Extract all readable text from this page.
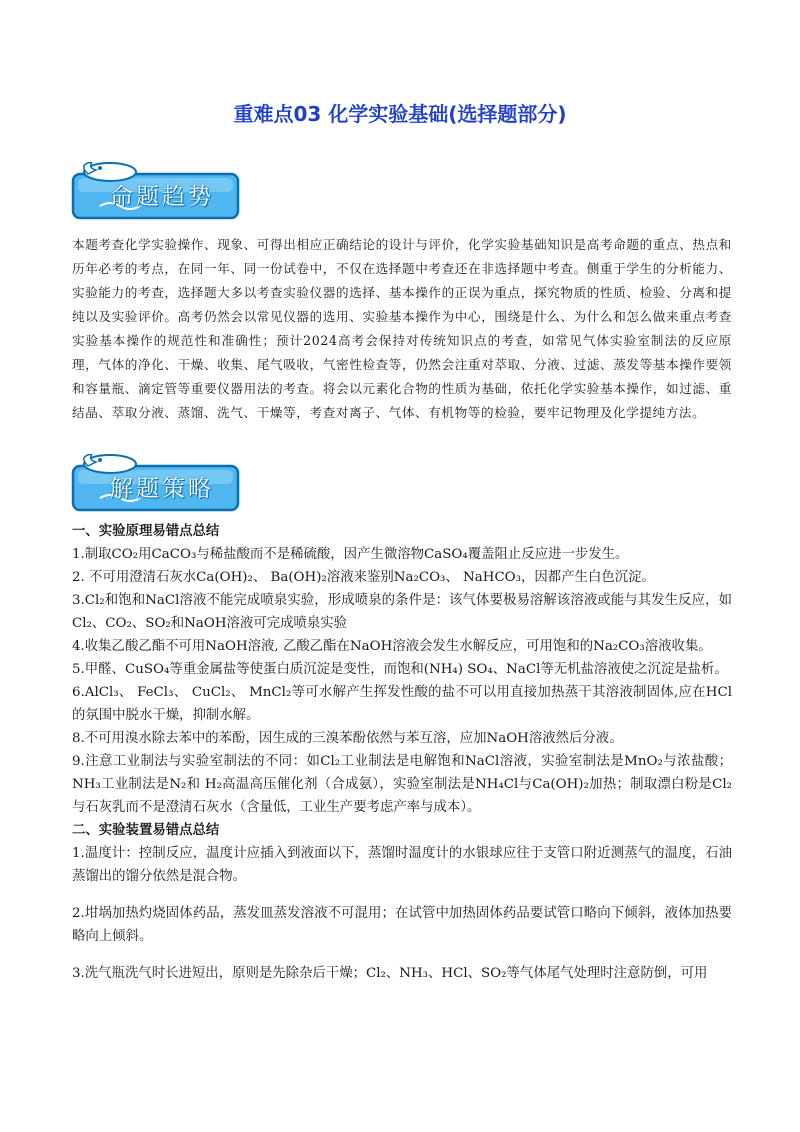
重难点03 化学实验基础(选择题部分)
命题趋势

本题考查化学实验操作、现象、可得出相应正确结论的设计与评价，化学实验基础知识是高考命题的重点、热点和历年必考的考点，在同一年、同一份试卷中，不仅在选择题中考查还在非选择题中考查。侧重于学生的分析能力、实验能力的考查，选择题大多以考查实验仪器的选择、基本操作的正误为重点，探究物质的性质、检验、分离和提纯以及实验评价。高考仍然会以常见仪器的选用、实验基本操作为中心，围绕是什么、为什么和怎么做来重点考查实验基本操作的规范性和准确性；预计2024高考会保持对传统知识点的考查，如常见气体实验室制法的反应原理，气体的净化、干燥、收集、尾气吸收，气密性检查等，仍然会注重对萃取、分液、过滤、蒸发等基本操作要领和容量瓶、滴定管等重要仪器用法的考查。将会以元素化合物的性质为基础，依托化学实验基本操作，如过滤、重结晶、萃取分液、蒸馏、洗气、干燥等，考查对离子、气体、有机物等的检验，要牢记物理及化学提纯方法。

解题策略
一、实验原理易错点总结

1.制取CO₂用CaCO₃与稀盐酸而不是稀硫酸，因产生微溶物CaSO₄覆盖阻止反应进一步发生。

2. 不可用澄清石灰水Ca(OH)₂、 Ba(OH)₂溶液来鉴别Na₂CO₃、 NaHCO₃，因都产生白色沉淀。

3.Cl₂和饱和NaCl溶液不能完成喷泉实验，形成喷泉的条件是：该气体要极易溶解该溶液或能与其发生反应，如Cl₂、CO₂、SO₂和NaOH溶液可完成喷泉实验

4.收集乙酸乙酯不可用NaOH溶液, 乙酸乙酯在NaOH溶液会发生水解反应，可用饱和的Na₂CO₃溶液收集。

5.甲醛、CuSO₄等重金属盐等使蛋白质沉淀是变性，而饱和(NH₄) SO₄、NaCl等无机盐溶液使之沉淀是盐析。

6.AlCl₃、 FeCl₃、 CuCl₂、 MnCl₂等可水解产生挥发性酸的盐不可以用直接加热蒸干其溶液制固体,应在HCl的氛围中脱水干燥，抑制水解。

8.不可用溴水除去苯中的苯酚，因生成的三溴苯酚依然与苯互溶，应加NaOH溶液然后分液。

9.注意工业制法与实验室制法的不同：如Cl₂工业制法是电解饱和NaCl溶液，实验室制法是MnO₂与浓盐酸；NH₃工业制法是N₂和 H₂高温高压催化剂（合成氨），实验室制法是NH₄Cl与Ca(OH)₂加热；制取漂白粉是Cl₂与石灰乳而不是澄清石灰水（含量低，工业生产要考虑产率与成本）。

二、实验装置易错点总结

1.温度计：控制反应，温度计应插入到液面以下，蒸馏时温度计的水银球应往于支管口附近测蒸气的温度，石油蒸馏出的馏分依然是混合物。

2.坩埚加热灼烧固体药品，蒸发皿蒸发溶液不可混用；在试管中加热固体药品要试管口略向下倾斜，液体加热要略向上倾斜。

3.洗气瓶洗气时长进短出，原则是先除杂后干燥；Cl₂、NH₃、HCl、SO₂等气体尾气处理时注意防倒，可用
